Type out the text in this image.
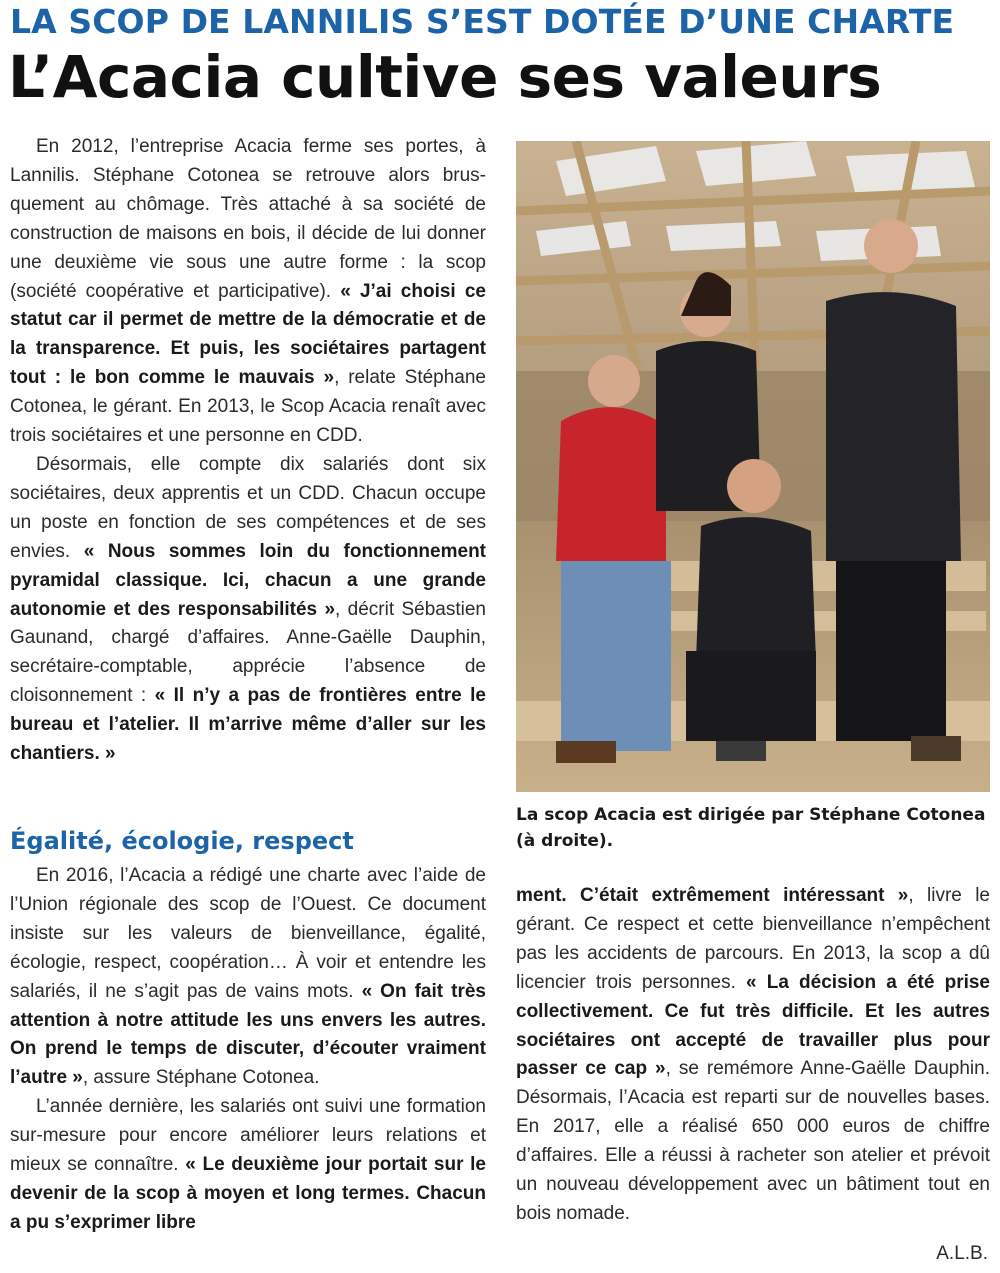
LA SCOP DE LANNILIS S’EST DOTÉE D’UNE CHARTE
L’Acacia cultive ses valeurs

En 2012, l’entreprise Acacia ferme ses portes, à Lannilis. Stéphane Cotonea se retrouve alors brusquement au chômage. Très attaché à sa société de construction de maisons en bois, il décide de lui donner une deuxième vie sous une autre forme : la scop (société coopérative et participative). « J’ai choisi ce statut car il permet de mettre de la démocratie et de la transparence. Et puis, les sociétaires partagent tout : le bon comme le mauvais », relate Stéphane Cotonea, le gérant. En 2013, le Scop Acacia renaît avec trois sociétaires et une personne en CDD.

Désormais, elle compte dix salariés dont six sociétaires, deux apprentis et un CDD. Chacun occupe un poste en fonction de ses compétences et de ses envies. « Nous sommes loin du fonctionnement pyramidal classique. Ici, chacun a une grande autonomie et des responsabilités », décrit Sébastien Gaunand, chargé d’affaires. Anne-Gaëlle Dauphin, secrétaire-comptable, apprécie l’absence de cloisonnement : « Il n’y a pas de frontières entre le bureau et l’atelier. Il m’arrive même d’aller sur les chantiers. »

Égalité, écologie, respect

En 2016, l’Acacia a rédigé une charte avec l’aide de l’Union régionale des scop de l’Ouest. Ce document insiste sur les valeurs de bienveillance, égalité, écologie, respect, coopération… À voir et entendre les salariés, il ne s’agit pas de vains mots. « On fait très attention à notre attitude les uns envers les autres. On prend le temps de discuter, d’écouter vraiment l’autre », assure Stéphane Cotonea.

L’année dernière, les salariés ont suivi une formation sur-mesure pour encore améliorer leurs relations et mieux se connaître. « Le deuxième jour portait sur le devenir de la scop à moyen et long termes. Chacun a pu s’exprimer libre

La scop Acacia est dirigée par Stéphane Cotonea (à droite).

ment. C’était extrêmement intéressant », livre le gérant. Ce respect et cette bienveillance n’empêchent pas les accidents de parcours. En 2013, la scop a dû licencier trois personnes. « La décision a été prise collectivement. Ce fut très difficile. Et les autres sociétaires ont accepté de travailler plus pour passer ce cap », se remémore Anne-Gaëlle Dauphin. Désormais, l’Acacia est reparti sur de nouvelles bases. En 2017, elle a réalisé 650 000 euros de chiffre d’affaires. Elle a réussi à racheter son atelier et prévoit un nouveau développement avec un bâtiment tout en bois nomade.

A.L.B.
